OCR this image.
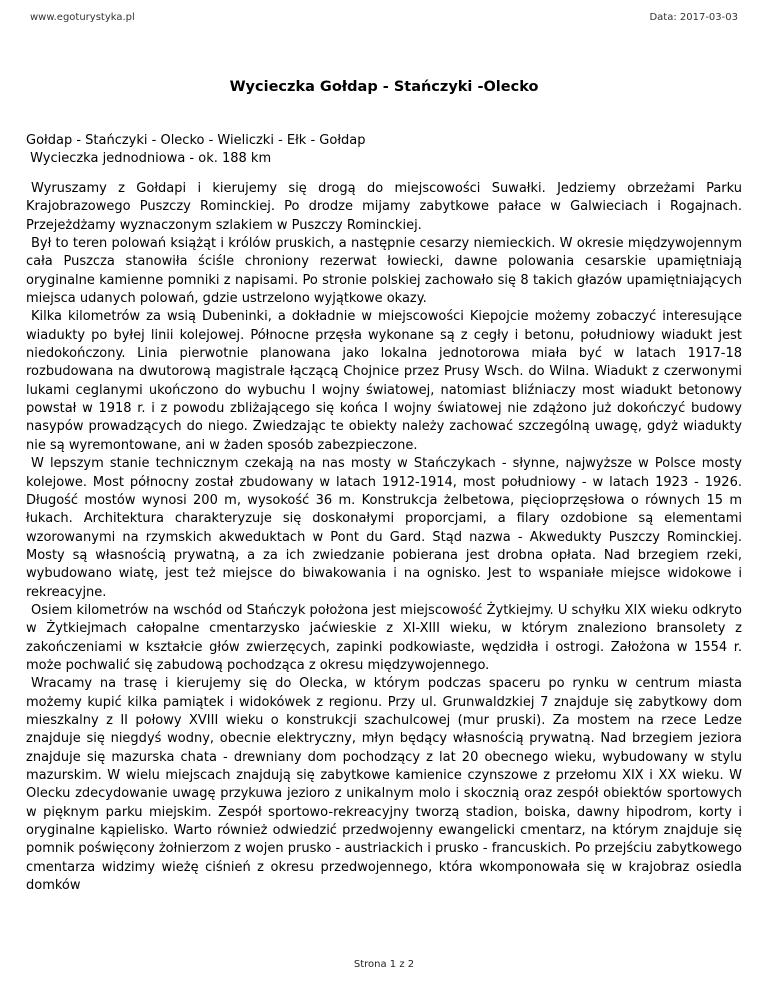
www.egoturystyka.pl	Data: 2017-03-03
Wycieczka Gołdap - Stańczyki -Olecko
Gołdap - Stańczyki - Olecko - Wieliczki - Ełk - Gołdap
Wycieczka jednodniowa - ok. 188 km

Wyruszamy z Gołdapi i kierujemy się drogą do miejscowości Suwałki. Jedziemy obrzeżami Parku Krajobrazowego Puszczy Rominckiej. Po drodze mijamy zabytkowe pałace w Galwieciach i Rogajnach. Przejeżdżamy wyznaczonym szlakiem w Puszczy Rominckiej.

Był to teren polowań książąt i królów pruskich, a następnie cesarzy niemieckich. W okresie międzywojennym cała Puszcza stanowiła ściśle chroniony rezerwat łowiecki, dawne polowania cesarskie upamiętniają oryginalne kamienne pomniki z napisami. Po stronie polskiej zachowało się 8 takich głazów upamiętniających miejsca udanych polowań, gdzie ustrzelono wyjątkowe okazy.

Kilka kilometrów za wsią Dubeninki, a dokładnie w miejscowości Kiepojcie możemy zobaczyć interesujące wiadukty po byłej linii kolejowej. Północne przęsła wykonane są z cegły i betonu, południowy wiadukt jest niedokończony. Linia pierwotnie planowana jako lokalna jednotorowa miała być w latach 1917-18 rozbudowana na dwutorową magistrale łączącą Chojnice przez Prusy Wsch. do Wilna. Wiadukt z czerwonymi lukami ceglanymi ukończono do wybuchu I wojny światowej, natomiast bliźniaczy most wiadukt betonowy powstał w 1918 r. i z powodu zbliżającego się końca I wojny światowej nie zdążono już dokończyć budowy nasypów prowadzących do niego. Zwiedzając te obiekty należy zachować szczególną uwagę, gdyż wiadukty nie są wyremontowane, ani w żaden sposób zabezpieczone.

W lepszym stanie technicznym czekają na nas mosty w Stańczykach - słynne, najwyższe w Polsce mosty kolejowe. Most północny został zbudowany w latach 1912-1914, most południowy - w latach 1923 - 1926. Długość mostów wynosi 200 m, wysokość 36 m. Konstrukcja żelbetowa, pięcioprzęsłowa o równych 15 m łukach. Architektura charakteryzuje się doskonałymi proporcjami, a filary ozdobione są elementami wzorowanymi na rzymskich akweduktach w Pont du Gard. Stąd nazwa - Akwedukty Puszczy Rominckiej. Mosty są własnością prywatną, a za ich zwiedzanie pobierana jest drobna opłata. Nad brzegiem rzeki, wybudowano wiatę, jest też miejsce do biwakowania i na ognisko. Jest to wspaniałe miejsce widokowe i rekreacyjne.

Osiem kilometrów na wschód od Stańczyk położona jest miejscowość Żytkiejmy. U schyłku XIX wieku odkryto w Żytkiejmach całopalne cmentarzysko jaćwieskie z XI-XIII wieku, w którym znaleziono bransolety z zakończeniami w kształcie głów zwierzęcych, zapinki podkowiaste, wędzidła i ostrogi. Założona w 1554 r. może pochwalić się zabudową pochodząca z okresu międzywojennego.

Wracamy na trasę i kierujemy się do Olecka, w którym podczas spaceru po rynku w centrum miasta możemy kupić kilka pamiątek i widokówek z regionu. Przy ul. Grunwaldzkiej 7 znajduje się zabytkowy dom mieszkalny z II połowy XVIII wieku o konstrukcji szachulcowej (mur pruski). Za mostem na rzece Ledze znajduje się niegdyś wodny, obecnie elektryczny, młyn będący własnością prywatną. Nad brzegiem jeziora znajduje się mazurska chata - drewniany dom pochodzący z lat 20 obecnego wieku, wybudowany w stylu mazurskim. W wielu miejscach znajdują się zabytkowe kamienice czynszowe z przełomu XIX i XX wieku. W Olecku zdecydowanie uwagę przykuwa jezioro z unikalnym molo i skocznią oraz zespół obiektów sportowych w pięknym parku miejskim. Zespół sportowo-rekreacyjny tworzą stadion, boiska, dawny hipodrom, korty i oryginalne kąpielisko. Warto również odwiedzić przedwojenny ewangelicki cmentarz, na którym znajduje się pomnik poświęcony żołnierzom z wojen prusko - austriackich i prusko - francuskich. Po przejściu zabytkowego cmentarza widzimy wieżę ciśnień z okresu przedwojennego, która wkomponowała się w krajobraz osiedla domków

Strona 1 z 2
